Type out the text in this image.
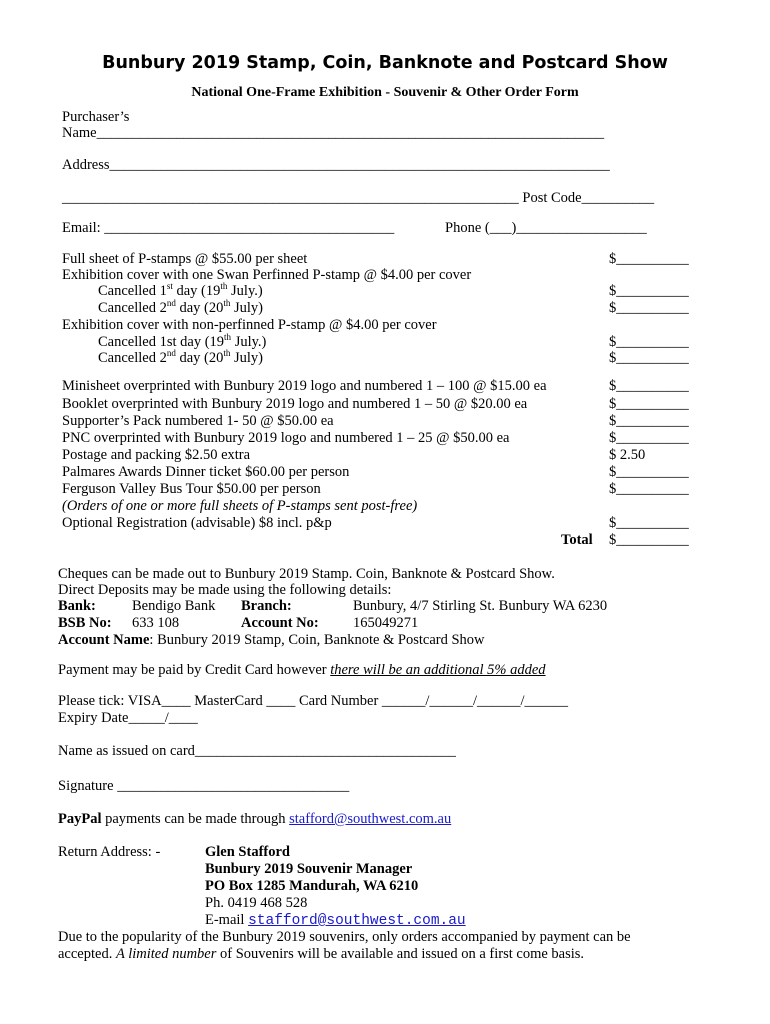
Bunbury 2019 Stamp, Coin, Banknote and Postcard Show
National One-Frame Exhibition - Souvenir & Other Order Form
Purchaser’s
Name______________________________________________________________________
Address_____________________________________________________________________
_______________________________________________________________ Post Code__________
Email: ________________________________________	Phone (___)__________________
Full sheet of P-stamps @ $55.00 per sheet	$__________
Exhibition cover with one Swan Perfinned P-stamp @ $4.00 per cover
Cancelled 1st day (19th July.)	$__________
Cancelled 2nd day (20th July)	$__________
Exhibition cover with non-perfinned P-stamp @ $4.00 per cover
Cancelled 1st day (19th July.)	$__________
Cancelled 2nd day (20th July)	$__________
Minisheet overprinted with Bunbury 2019 logo and numbered 1 – 100 @ $15.00 ea	$__________
Booklet overprinted with Bunbury 2019 logo and numbered 1 – 50 @ $20.00 ea	$__________
Supporter’s Pack numbered 1- 50 @ $50.00 ea	$__________
PNC overprinted with Bunbury 2019 logo and numbered 1 – 25 @ $50.00 ea	$__________
Postage and packing $2.50 extra	$ 2.50
Palmares Awards Dinner ticket $60.00 per person	$__________
Ferguson Valley Bus Tour $50.00 per person	$__________
(Orders of one or more full sheets of P-stamps sent post-free)
Optional Registration (advisable) $8 incl. p&p	$__________
Total $__________
Cheques can be made out to Bunbury 2019 Stamp. Coin, Banknote & Postcard Show.
Direct Deposits may be made using the following details:
Bank: Bendigo Bank Branch:	Bunbury, 4/7 Stirling St. Bunbury WA 6230
BSB No: 633 108	Account No: 165049271
Account Name: Bunbury 2019 Stamp, Coin, Banknote & Postcard Show
Payment may be paid by Credit Card however there will be an additional 5% added
Please tick: VISA____ MasterCard ____ Card Number ______/______/______/______
Expiry Date_____/____
Name as issued on card____________________________________
Signature ________________________________
PayPal payments can be made through stafford@southwest.com.au
Return Address: -	Glen Stafford
Bunbury 2019 Souvenir Manager
PO Box 1285 Mandurah, WA 6210
Ph. 0419 468 528
E-mail stafford@southwest.com.au
Due to the popularity of the Bunbury 2019 souvenirs, only orders accompanied by payment can be
accepted. A limited number of Souvenirs will be available and issued on a first come basis.
